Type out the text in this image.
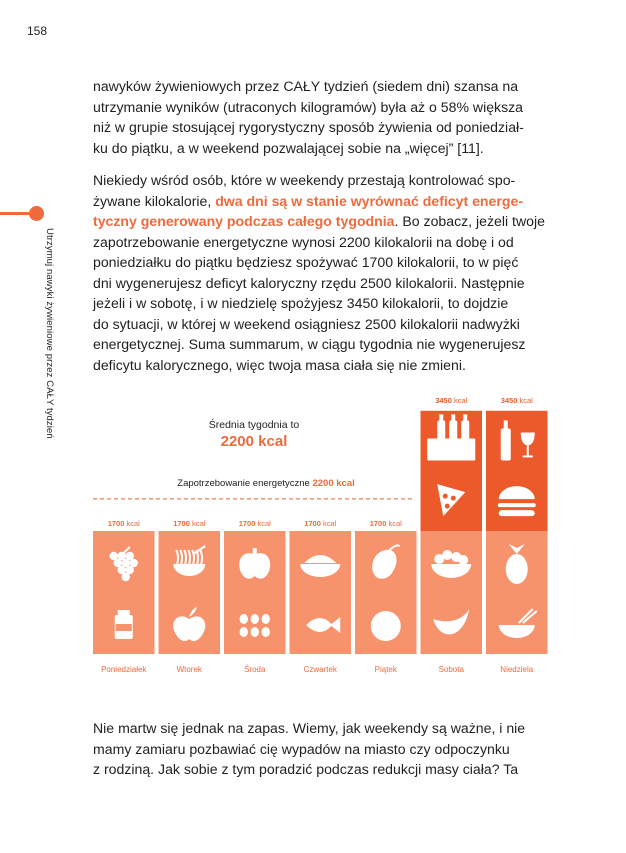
158
Utrzymuj nawyki żywieniowe przez CAŁY tydzień

nawyków żywieniowych przez CAŁY tydzień (siedem dni) szansa na
utrzymanie wyników (utraconych kilogramów) była aż o 58% większa
niż w grupie stosującej rygorystyczny sposób żywienia od poniedział-
ku do piątku, a w weekend pozwalającej sobie na „więcej” [11].

Niekiedy wśród osób, które w weekendy przestają kontrolować spo-
żywane kilokalorie, dwa dni są w stanie wyrównać deficyt energe-
tyczny generowany podczas całego tygodnia. Bo zobacz, jeżeli twoje
zapotrzebowanie energetyczne wynosi 2200 kilokalorii na dobę i od
poniedziałku do piątku będziesz spożywać 1700 kilokalorii, to w pięć
dni wygenerujesz deficyt kaloryczny rzędu 2500 kilokalorii. Następnie
jeżeli i w sobotę, i w niedzielę spożyjesz 3450 kilokalorii, to dojdzie
do sytuacji, w której w weekend osiągniesz 2500 kilokalorii nadwyżki
energetycznej. Suma summarum, w ciągu tygodnia nie wygenerujesz
deficytu kalorycznego, więc twoja masa ciała się nie zmieni.

Zapotrzebowanie energetyczne 2200 kcal
Średnia tygodnia to
2200 kcal
1700 kcal
Poniedziałek
1700 kcal
Wtorek
1700 kcal
Środa
1700 kcal
Czwartek
1700 kcal
Piątek
3450 kcal
Sobota
3450 kcal
Niedziela

Nie martw się jednak na zapas. Wiemy, jak weekendy są ważne, i nie
mamy zamiaru pozbawiać cię wypadów na miasto czy odpoczynku
z rodziną. Jak sobie z tym poradzić podczas redukcji masy ciała? Ta
